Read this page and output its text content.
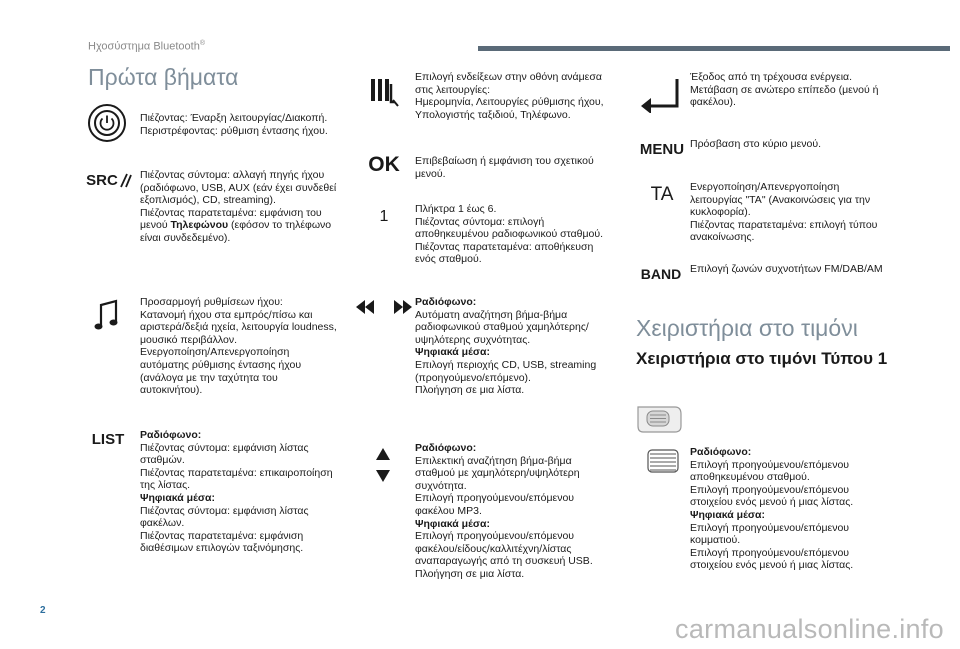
Ηχοσύστημα Bluetooth®
Πρώτα βήματα
Πιέζοντας: Έναρξη λειτουργίας/Διακοπή.
Περιστρέφοντας: ρύθμιση έντασης ήχου.
SRC Πιέζοντας σύντομα: αλλαγή πηγής ήχου
(ραδιόφωνο, USB, AUX (εάν έχει συνδεθεί
εξοπλισμός), CD, streaming).
Πιέζοντας παρατεταμένα: εμφάνιση του
μενού Τηλεφώνου (εφόσον το τηλέφωνο
είναι συνδεδεμένο).
Προσαρμογή ρυθμίσεων ήχου:
Κατανομή ήχου στα εμπρός/πίσω και
αριστερά/δεξιά ηχεία, λειτουργία loudness,
μουσικό περιβάλλον.
Ενεργοποίηση/Απενεργοποίηση
αυτόματης ρύθμισης έντασης ήχου
(ανάλογα με την ταχύτητα του
αυτοκινήτου).
LIST Ραδιόφωνο:
Πιέζοντας σύντομα: εμφάνιση λίστας
σταθμών.
Πιέζοντας παρατεταμένα: επικαιροποίηση
της λίστας.
Ψηφιακά μέσα:
Πιέζοντας σύντομα: εμφάνιση λίστας
φακέλων.
Πιέζοντας παρατεταμένα: εμφάνιση
διαθέσιμων επιλογών ταξινόμησης.
Επιλογή ενδείξεων στην οθόνη ανάμεσα
στις λειτουργίες:
Ημερομηνία, Λειτουργίες ρύθμισης ήχου,
Υπολογιστής ταξιδιού, Τηλέφωνο.
OK Επιβεβαίωση ή εμφάνιση του σχετικού
μενού.
1	Πλήκτρα 1 έως 6.
Πιέζοντας σύντομα: επιλογή
αποθηκευμένου ραδιοφωνικού σταθμού.
Πιέζοντας παρατεταμένα: αποθήκευση
ενός σταθμού.
Ραδιόφωνο:
Αυτόματη αναζήτηση βήμα-βήμα
ραδιοφωνικού σταθμού χαμηλότερης/
υψηλότερης συχνότητας.
Ψηφιακά μέσα:
Επιλογή περιοχής CD, USB, streaming
(προηγούμενο/επόμενο).
Πλοήγηση σε μια λίστα.
Ραδιόφωνο:
Επιλεκτική αναζήτηση βήμα-βήμα
σταθμού με χαμηλότερη/υψηλότερη
συχνότητα.
Επιλογή προηγούμενου/επόμενου
φακέλου MP3.
Ψηφιακά μέσα:
Επιλογή προηγούμενου/επόμενου
φακέλου/είδους/καλλιτέχνη/λίστας
αναπαραγωγής από τη συσκευή USB.
Πλοήγηση σε μια λίστα.
Έξοδος από τη τρέχουσα ενέργεια.
Μετάβαση σε ανώτερο επίπεδο (μενού ή
φακέλου).
MENU Πρόσβαση στο κύριο μενού.
TA Ενεργοποίηση/Απενεργοποίηση
λειτουργίας "TA" (Ανακοινώσεις για την
κυκλοφορία).
Πιέζοντας παρατεταμένα: επιλογή τύπου
ανακοίνωσης.
BAND Επιλογή ζωνών συχνοτήτων FM/DAB/AM
Χειριστήρια στο τιμόνι
Χειριστήρια στο τιμόνι Τύπου 1
Ραδιόφωνο:
Επιλογή προηγούμενου/επόμενου
αποθηκευμένου σταθμού.
Επιλογή προηγούμενου/επόμενου
στοιχείου ενός μενού ή μιας λίστας.
Ψηφιακά μέσα:
Επιλογή προηγούμενου/επόμενου
κομματιού.
Επιλογή προηγούμενου/επόμενου
στοιχείου ενός μενού ή μιας λίστας.
2
carmanualsonline.info
